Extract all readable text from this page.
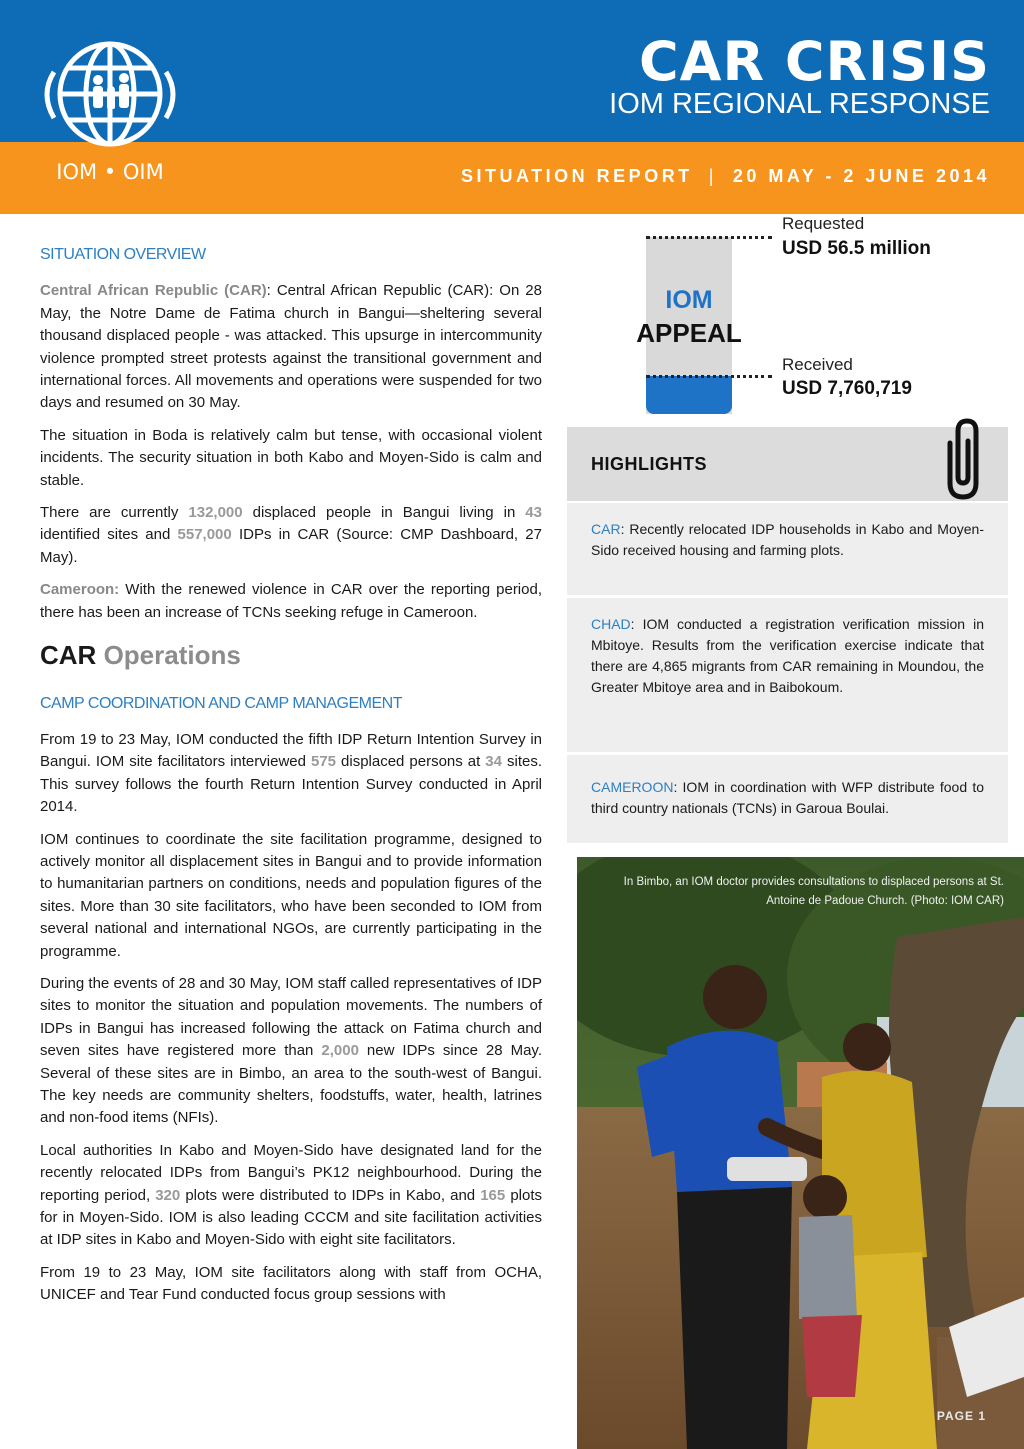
IOM • OIM
CAR CRISIS
IOM REGIONAL RESPONSE
SITUATION REPORT | 20 MAY - 2 JUNE 2014
SITUATION OVERVIEW

Central African Republic (CAR): Central African Republic (CAR): On 28 May, the Notre Dame de Fatima church in Bangui—sheltering several thousand displaced people - was attacked. This upsurge in intercommunity violence prompted street protests against the transitional government and international forces. All movements and operations were suspended for two days and resumed on 30 May.

The situation in Boda is relatively calm but tense, with occasional violent incidents. The security situation in both Kabo and Moyen-Sido is calm and stable.

There are currently 132,000 displaced people in Bangui living in 43 identified sites and 557,000 IDPs in CAR (Source: CMP Dashboard, 27 May).

Cameroon: With the renewed violence in CAR over the reporting period, there has been an increase of TCNs seeking refuge in Cameroon.

CAR Operations
CAMP COORDINATION AND CAMP MANAGEMENT

From 19 to 23 May, IOM conducted the fifth IDP Return Intention Survey in Bangui. IOM site facilitators interviewed 575 displaced persons at 34 sites. This survey follows the fourth Return Intention Survey conducted in April 2014.

IOM continues to coordinate the site facilitation programme, designed to actively monitor all displacement sites in Bangui and to provide information to humanitarian partners on conditions, needs and population figures of the sites. More than 30 site facilitators, who have been seconded to IOM from several national and international NGOs, are currently participating in the programme.

During the events of 28 and 30 May, IOM staff called representatives of IDP sites to monitor the situation and population movements. The numbers of IDPs in Bangui has increased following the attack on Fatima church and seven sites have registered more than 2,000 new IDPs since 28 May. Several of these sites are in Bimbo, an area to the south-west of Bangui. The key needs are community shelters, foodstuffs, water, health, latrines and non-food items (NFIs).

Local authorities In Kabo and Moyen-Sido have designated land for the recently relocated IDPs from Bangui’s PK12 neighbourhood. During the reporting period, 320 plots were distributed to IDPs in Kabo, and 165 plots for in Moyen-Sido. IOM is also leading CCCM and site facilitation activities at IDP sites in Kabo and Moyen-Sido with eight site facilitators.

From 19 to 23 May, IOM site facilitators along with staff from OCHA, UNICEF and Tear Fund conducted focus group sessions with

IOM
APPEAL
Requested
USD 56.5 million
Received
USD 7,760,719
HIGHLIGHTS
CAR: Recently relocated IDP households in Kabo and Moyen-Sido received housing and farming plots.
CHAD: IOM conducted a registration verification mission in Mbitoye. Results from the verification exercise indicate that there are 4,865 migrants from CAR remaining in Moundou, the Greater Mbitoye area and in Baibokoum.
CAMEROON: IOM in coordination with WFP distribute food to third country nationals (TCNs) in Garoua Boulai.
In Bimbo, an IOM doctor provides consultations to displaced persons at St. Antoine de Padoue Church. (Photo: IOM CAR)
PAGE 1
